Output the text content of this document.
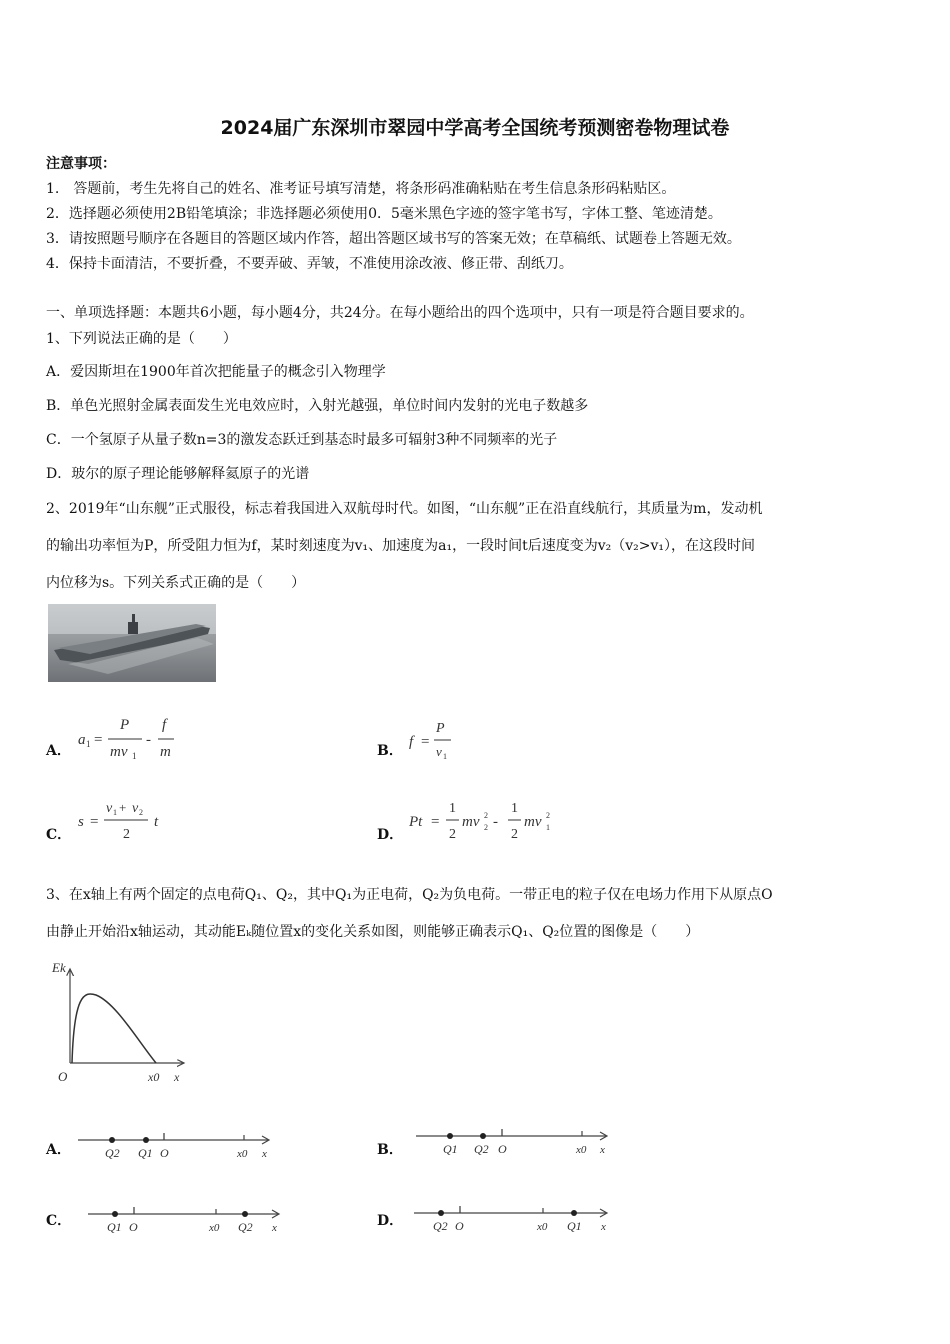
2024届广东深圳市翠园中学高考全国统考预测密卷物理试卷
注意事项：
1.　答题前，考生先将自己的姓名、准考证号填写清楚，将条形码准确粘贴在考生信息条形码粘贴区。
2．选择题必须使用2B铅笔填涂；非选择题必须使用0．5毫米黑色字迹的签字笔书写，字体工整、笔迹清楚。
3．请按照题号顺序在各题目的答题区域内作答，超出答题区域书写的答案无效；在草稿纸、试题卷上答题无效。
4．保持卡面清洁，不要折叠，不要弄破、弄皱，不准使用涂改液、修正带、刮纸刀。
一、单项选择题：本题共6小题，每小题4分，共24分。在每小题给出的四个选项中，只有一项是符合题目要求的。
1、下列说法正确的是（　　）
A．爱因斯坦在1900年首次把能量子的概念引入物理学
B．单色光照射金属表面发生光电效应时，入射光越强，单位时间内发射的光电子数越多
C．一个氢原子从量子数n=3的激发态跃迁到基态时最多可辐射3种不同频率的光子
D．玻尔的原子理论能够解释氦原子的光谱
2、2019年“山东舰”正式服役，标志着我国进入双航母时代。如图，“山东舰”正在沿直线航行，其质量为m，发动机
的输出功率恒为P，所受阻力恒为f，某时刻速度为v₁、加速度为a₁，一段时间t后速度变为v₂（v₂>v₁），在这段时间
内位移为s。下列关系式正确的是（　　）
A．
a 1 =
P
mv 1
-
f
m	B．
f =
P
v 1
C．
s =
v 1 + v 2
2
t
D．
Pt =
1
2
mv 2
2 -
1
2
mv 2
1
3、在x轴上有两个固定的点电荷Q₁、Q₂，其中Q₁为正电荷，Q₂为负电荷。一带正电的粒子仅在电场力作用下从原点O
由静止开始沿x轴运动，其动能Eₖ随位置x的变化关系如图，则能够正确表示Q₁、Q₂位置的图像是（　　）
Ek
O	x0 x
A．	Q2 Q1 O	x0 x	B．	Q1 Q2 O	x0 x
C．	Q1 O	x0 Q2 x	D． Q2 O	x0 Q1 x
